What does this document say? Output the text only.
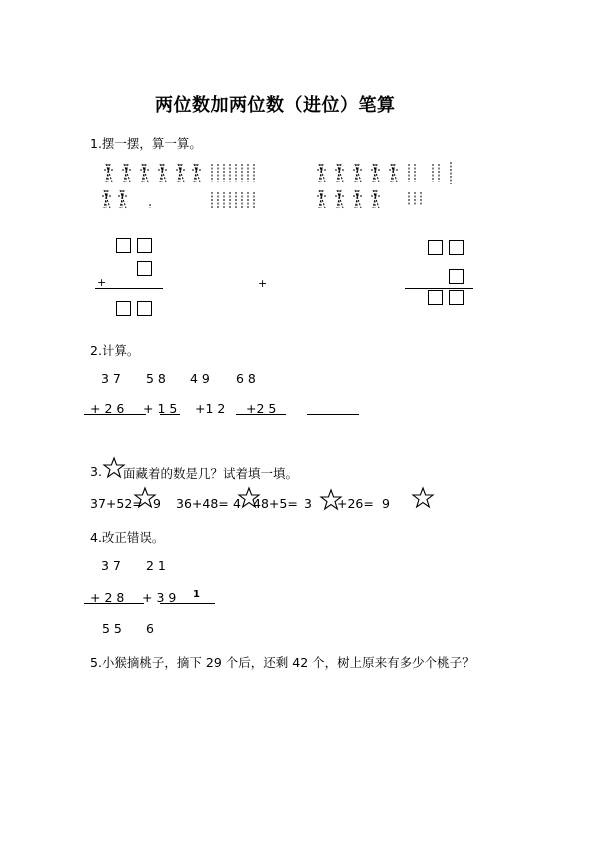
两位数加两位数（进位）笔算
1.摆一摆，算一算。
+	+
2.计算。
3 7 5 8 4 9 6 8
+ 2 6 + 1 5 +1 2 +2 5
3. 面藏着的数是几？试着填一填。
37+52= 9 36+48= 4 48+5= 3 +26= 9
4.改正错误。
3 7 2 1
+ 2 8 + 3 9 1
5 5 6
5.小猴摘桃子，摘下 29 个后，还剩 42 个，树上原来有多少个桃子？
